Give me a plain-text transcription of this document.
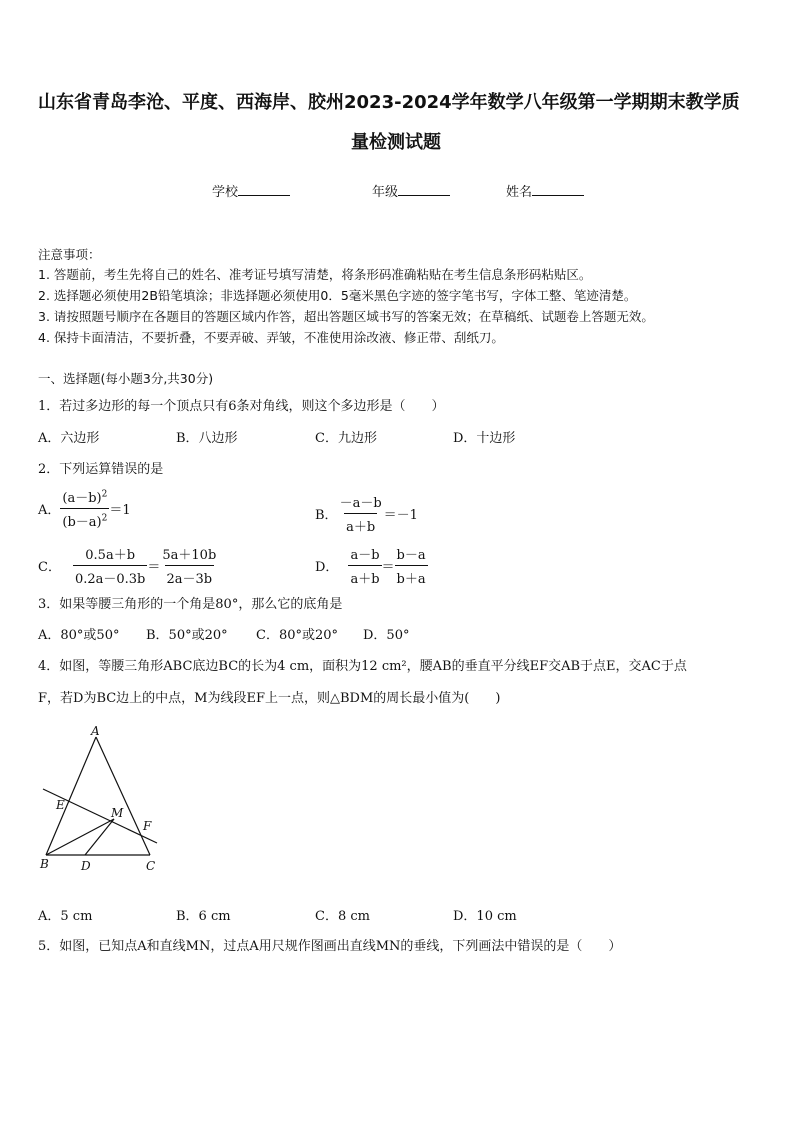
山东省青岛李沧、平度、西海岸、胶州2023-2024学年数学八年级第一学期期末教学质
量检测试题
学校	年级	姓名
注意事项：
1. 答题前，考生先将自己的姓名、准考证号填写清楚，将条形码准确粘贴在考生信息条形码粘贴区。
2. 选择题必须使用2B铅笔填涂；非选择题必须使用0．5毫米黑色字迹的签字笔书写，字体工整、笔迹清楚。
3. 请按照题号顺序在各题目的答题区域内作答，超出答题区域书写的答案无效；在草稿纸、试题卷上答题无效。
4. 保持卡面清洁，不要折叠，不要弄破、弄皱，不准使用涂改液、修正带、刮纸刀。
一、选择题(每小题3分,共30分)
1．若过多边形的每一个顶点只有6条对角线，则这个多边形是（　　）
A．六边形	B．八边形	C．九边形	D．十边形
2．下列运算错误的是
A． $\frac{(a-b)^2}{(b-a)^2} =1$	B． $\frac{-a-b}{a+b} =-1$
C． $\frac{0.5a+b}{0.2a-0.3b} = \frac{5a+10b}{2a-3b}$	D． $\frac{a-b}{a+b} = \frac{b-a}{b+a}$
3．如果等腰三角形的一个角是80°，那么它的底角是
A．80°或50° B．50°或20° C．80°或20° D．50°
4．如图，等腰三角形ABC底边BC的长为4 cm，面积为12 cm²，腰AB的垂直平分线EF交AB于点E，交AC于点
F，若D为BC边上的中点，M为线段EF上一点，则△BDM的周长最小值为(　　)
A
E
M
F
B	D	C
A．5 cm	B．6 cm	C．8 cm	D．10 cm
5．如图，已知点A和直线MN，过点A用尺规作图画出直线MN的垂线，下列画法中错误的是（　　）
